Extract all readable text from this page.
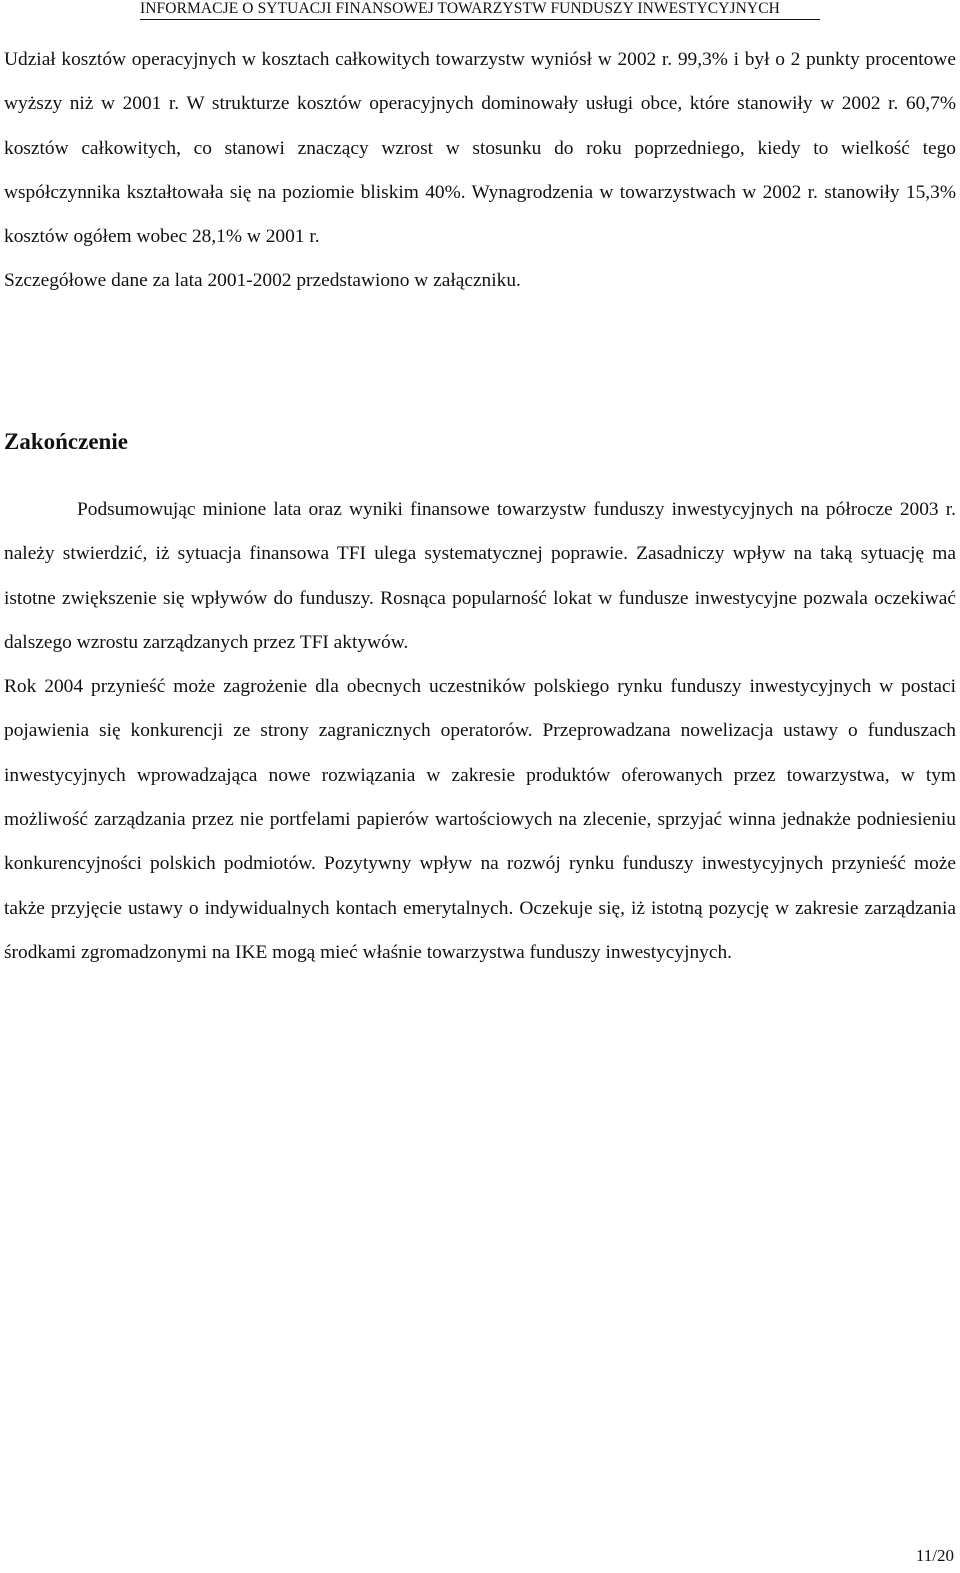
INFORMACJE O SYTUACJI FINANSOWEJ TOWARZYSTW FUNDUSZY INWESTYCYJNYCH

Udział kosztów operacyjnych w kosztach całkowitych towarzystw wyniósł w 2002 r. 99,3% i był o 2 punkty procentowe wyższy niż w 2001 r. W strukturze kosztów operacyjnych dominowały usługi obce, które stanowiły w 2002 r. 60,7% kosztów całkowitych, co stanowi znaczący wzrost w stosunku do roku poprzedniego, kiedy to wielkość tego współczynnika kształtowała się na poziomie bliskim 40%. Wynagrodzenia w towarzystwach w 2002 r. stanowiły 15,3% kosztów ogółem wobec 28,1% w 2001 r.

Szczegółowe dane za lata 2001-2002 przedstawiono w załączniku.

Zakończenie

Podsumowując minione lata oraz wyniki finansowe towarzystw funduszy inwestycyjnych na półrocze 2003 r. należy stwierdzić, iż sytuacja finansowa TFI ulega systematycznej poprawie. Zasadniczy wpływ na taką sytuację ma istotne zwiększenie się wpływów do funduszy. Rosnąca popularność lokat w fundusze inwestycyjne pozwala oczekiwać dalszego wzrostu zarządzanych przez TFI aktywów.

Rok 2004 przynieść może zagrożenie dla obecnych uczestników polskiego rynku funduszy inwestycyjnych w postaci pojawienia się konkurencji ze strony zagranicznych operatorów. Przeprowadzana nowelizacja ustawy o funduszach inwestycyjnych wprowadzająca nowe rozwiązania w zakresie produktów oferowanych przez towarzystwa, w tym możliwość zarządzania przez nie portfelami papierów wartościowych na zlecenie, sprzyjać winna jednakże podniesieniu konkurencyjności polskich podmiotów. Pozytywny wpływ na rozwój rynku funduszy inwestycyjnych przynieść może także przyjęcie ustawy o indywidualnych kontach emerytalnych. Oczekuje się, iż istotną pozycję w zakresie zarządzania środkami zgromadzonymi na IKE mogą mieć właśnie towarzystwa funduszy inwestycyjnych.

11/20
